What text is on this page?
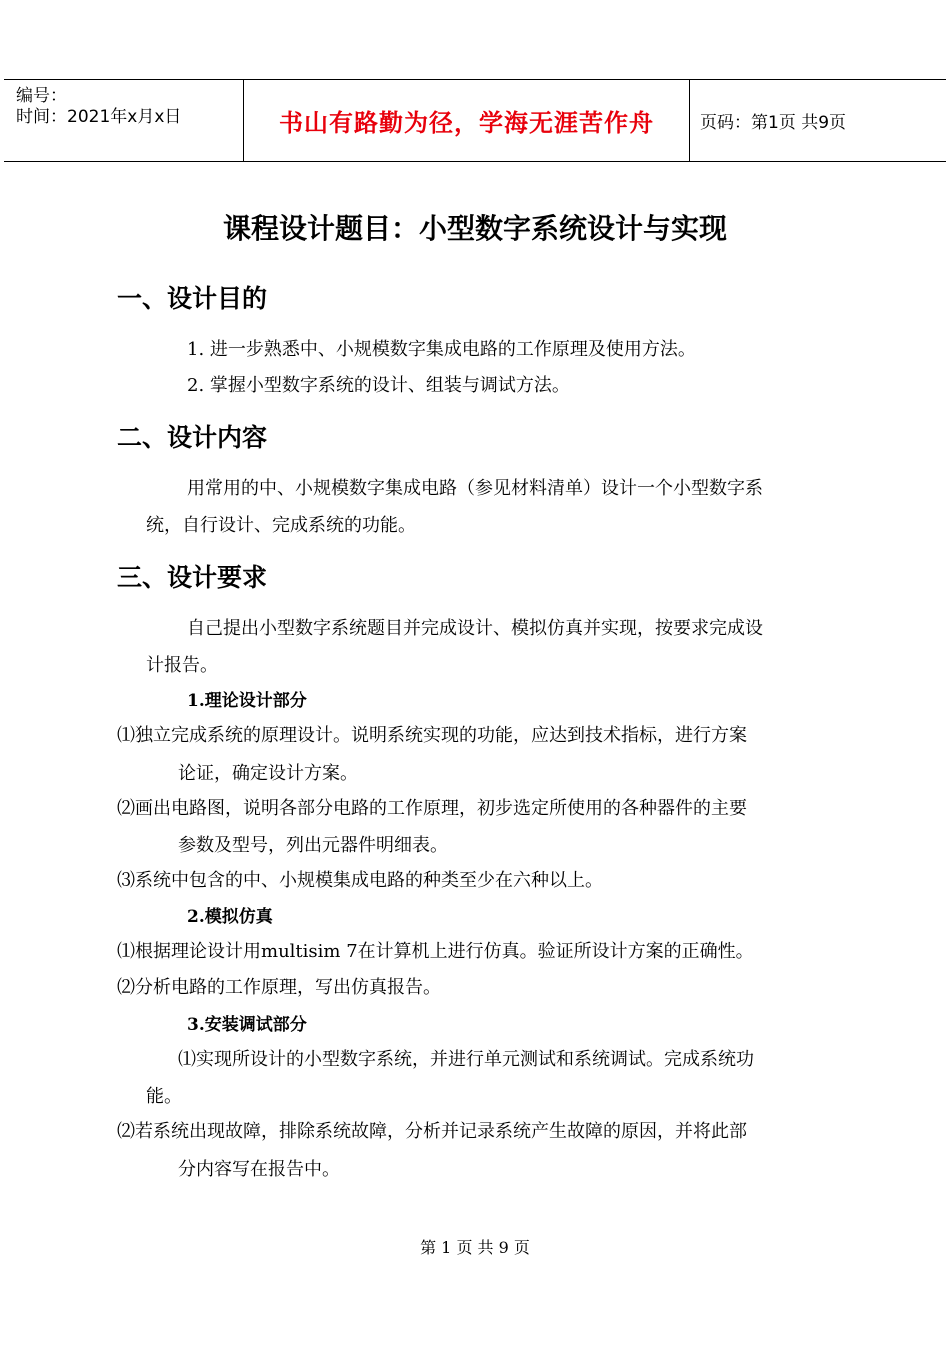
编号：
时间：2021年x月x日	书山有路勤为径，学海无涯苦作舟	页码：第1页 共9页
课程设计题目：小型数字系统设计与实现
一、设计目的
1. 进一步熟悉中、小规模数字集成电路的工作原理及使用方法。
2. 掌握小型数字系统的设计、组装与调试方法。
二、设计内容
用常用的中、小规模数字集成电路（参见材料清单）设计一个小型数字系
统，自行设计、完成系统的功能。
三、设计要求
自己提出小型数字系统题目并完成设计、模拟仿真并实现，按要求完成设
计报告。
1.理论设计部分
⑴独立完成系统的原理设计。说明系统实现的功能，应达到技术指标，进行方案
论证，确定设计方案。
⑵画出电路图，说明各部分电路的工作原理，初步选定所使用的各种器件的主要
参数及型号，列出元器件明细表。
⑶系统中包含的中、小规模集成电路的种类至少在六种以上。
2.模拟仿真
⑴根据理论设计用multisim 7在计算机上进行仿真。验证所设计方案的正确性。
⑵分析电路的工作原理，写出仿真报告。
3.安装调试部分
⑴实现所设计的小型数字系统，并进行单元测试和系统调试。完成系统功
能。
⑵若系统出现故障，排除系统故障，分析并记录系统产生故障的原因，并将此部
分内容写在报告中。
第 1 页 共 9 页
